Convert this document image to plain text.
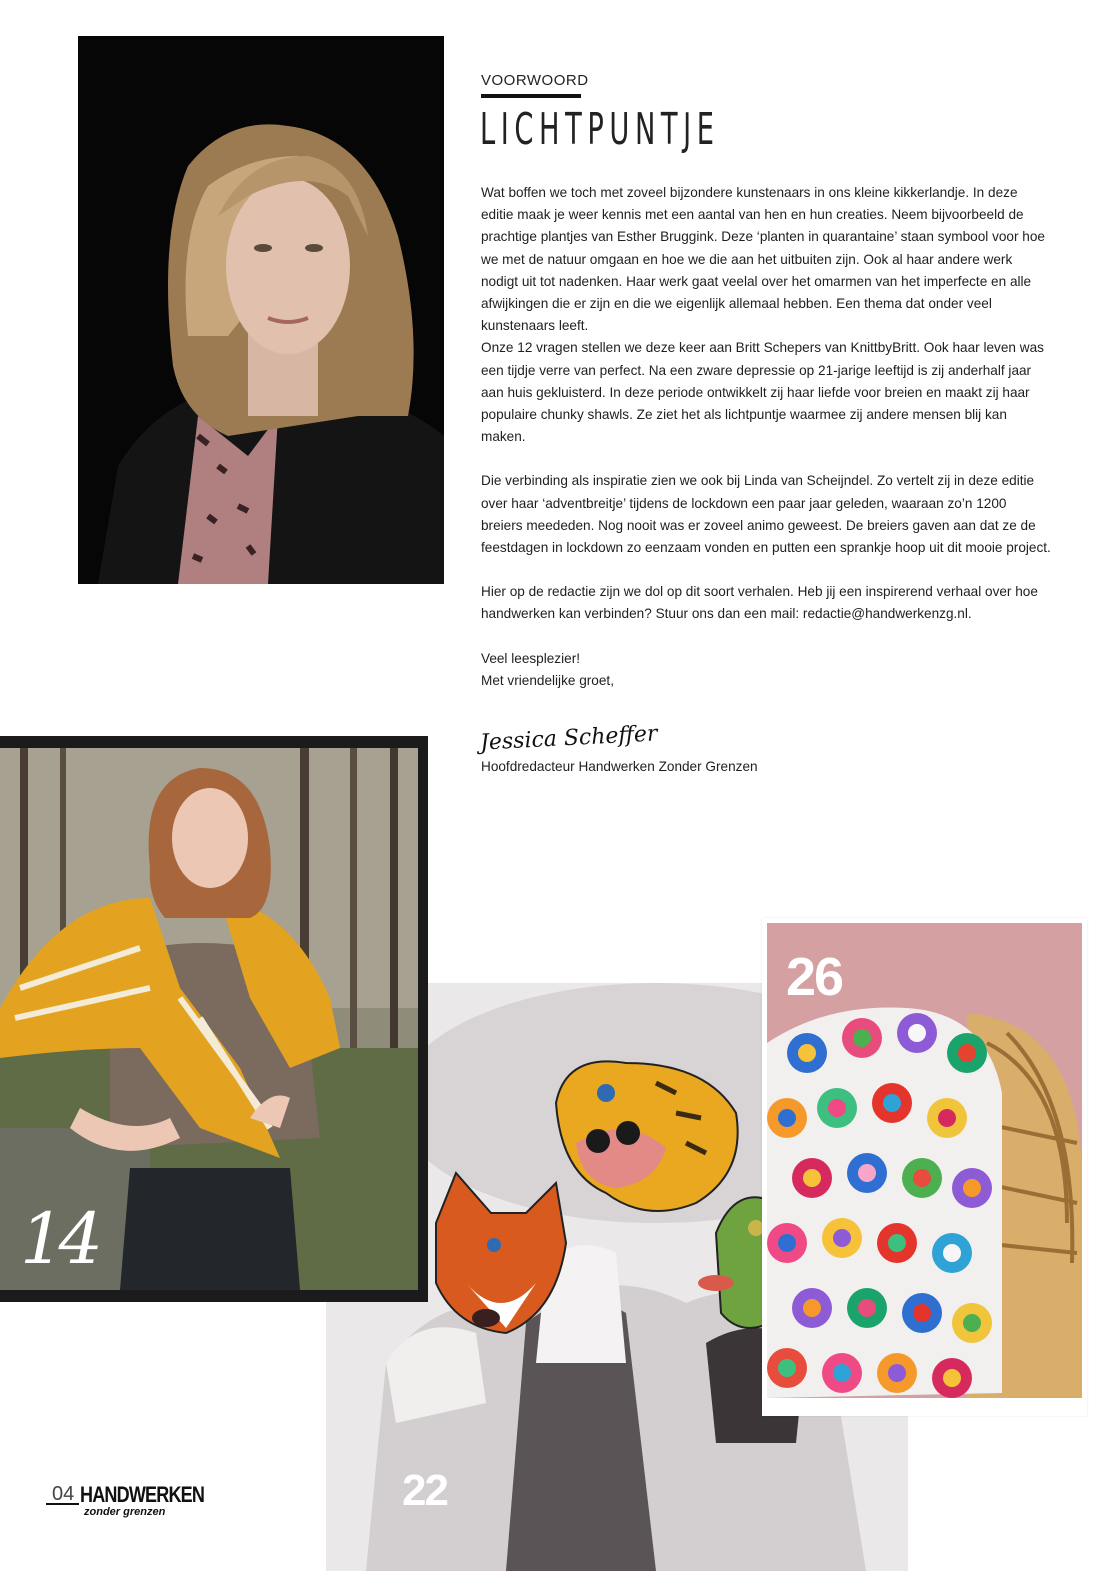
VOORWOORD
LICHTPUNTJE

Wat boffen we toch met zoveel bijzondere kunstenaars in ons kleine kikkerlandje. In deze editie maak je weer kennis met een aantal van hen en hun creaties. Neem bijvoorbeeld de prachtige plantjes van Esther Bruggink. Deze ‘planten in quarantaine’ staan symbool voor hoe we met de natuur omgaan en hoe we die aan het uitbuiten zijn. Ook al haar andere werk nodigt uit tot nadenken. Haar werk gaat veelal over het omarmen van het imperfecte en alle afwijkingen die er zijn en die we eigenlijk allemaal hebben. Een thema dat onder veel kunstenaars leeft.

Onze 12 vragen stellen we deze keer aan Britt Schepers van KnittbyBritt. Ook haar leven was een tijdje verre van perfect. Na een zware depressie op 21-jarige leeftijd is zij anderhalf jaar aan huis gekluisterd. In deze periode ontwikkelt zij haar liefde voor breien en maakt zij haar populaire chunky shawls. Ze ziet het als lichtpuntje waarmee zij andere mensen blij kan maken.

Die verbinding als inspiratie zien we ook bij Linda van Scheijndel. Zo vertelt zij in deze editie over haar ‘adventbreitje’ tijdens de lockdown een paar jaar geleden, waaraan zo’n 1200 breiers meededen. Nog nooit was er zoveel animo geweest. De breiers gaven aan dat ze de feestdagen in lockdown zo eenzaam vonden en putten een sprankje hoop uit dit mooie project.

Hier op de redactie zijn we dol op dit soort verhalen. Heb jij een inspirerend verhaal over hoe handwerken kan verbinden? Stuur ons dan een mail: redactie@handwerkenzg.nl.

Veel leesplezier!

Met vriendelijke groet,

Jessica Scheffer
Hoofdredacteur Handwerken Zonder Grenzen
22
14
26
04 HANDWERKEN
zonder grenzen
